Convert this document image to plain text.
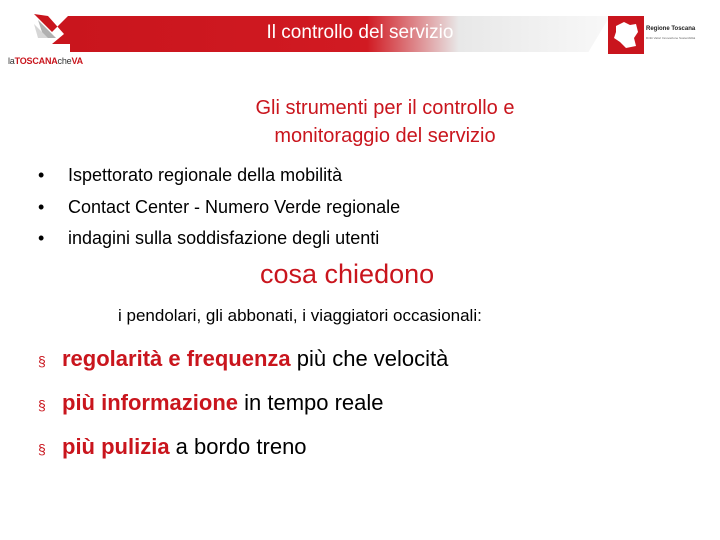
Il controllo del servizio
laTOSCANAcheVA
Regione Toscana
Diritti Valori Innovazione Sostenibilità
Gli strumenti per il controllo e
monitoraggio del servizio
•	Ispettorato regionale della mobilità
•	Contact Center - Numero Verde regionale
•	indagini sulla soddisfazione degli utenti
cosa chiedono
i pendolari, gli abbonati, i viaggiatori occasionali:
§ regolarità e frequenza più che velocità
§ più informazione in tempo reale
§ più pulizia a bordo treno
